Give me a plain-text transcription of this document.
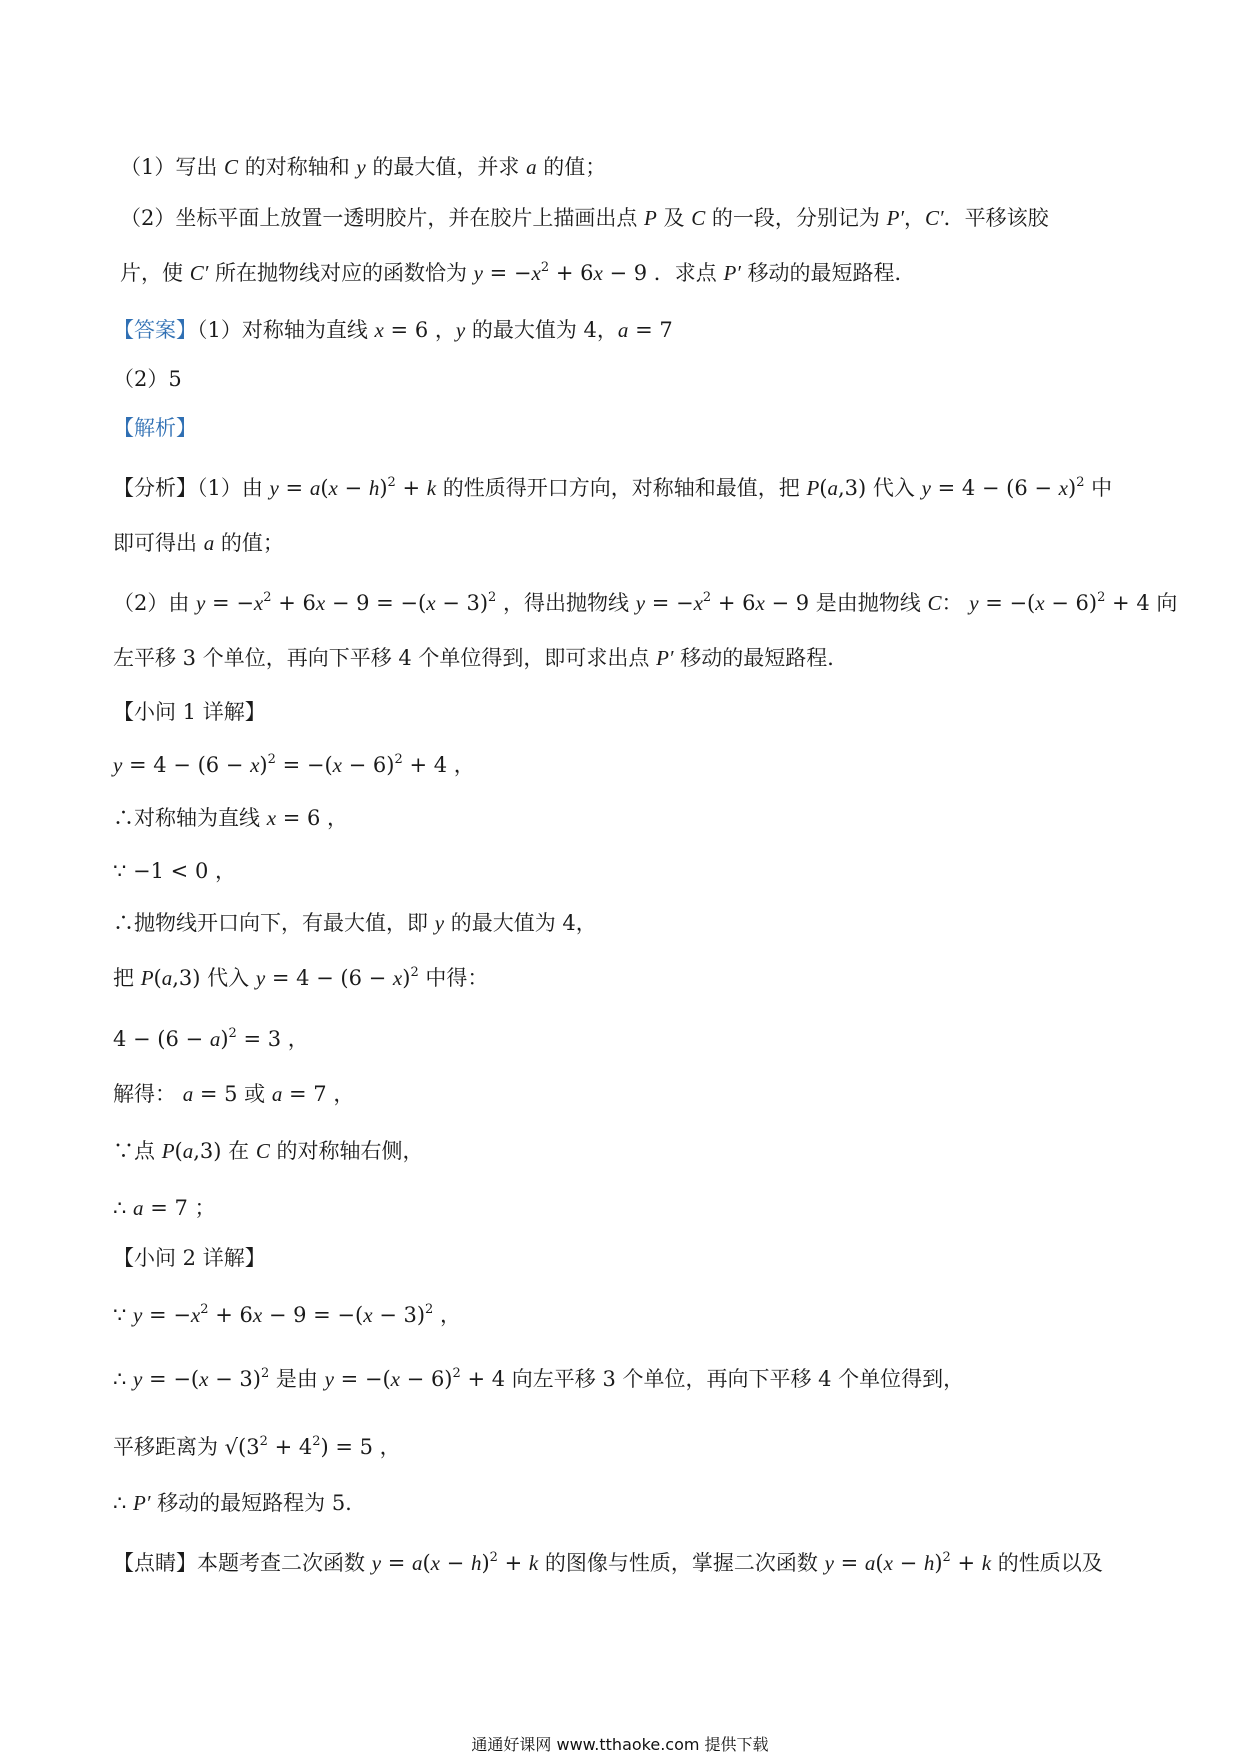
（1）写出 C 的对称轴和 y 的最大值，并求 a 的值；
（2）坐标平面上放置一透明胶片，并在胶片上描画出点 P 及 C 的一段，分别记为 P′，C′．平移该胶
片，使 C′ 所在抛物线对应的函数恰为 $y = -x^2 + 6x - 9$ ．求点 P′ 移动的最短路程．
【答案】（1）对称轴为直线 x = 6 ，y 的最大值为 4，a = 7
（2）5
【解析】
【分析】（1）由 $y = a(x - h)^2 + k$ 的性质得开口方向，对称轴和最值，把 P(a,3) 代入 $y = 4 - (6 - x)^2$ 中
即可得出 a 的值；
（2）由 $y = -x^2 + 6x - 9 = -(x - 3)^2$ ，得出抛物线 $y = -x^2 + 6x - 9$ 是由抛物线 C： $y = -(x - 6)^2 + 4$ 向
左平移 3 个单位，再向下平移 4 个单位得到，即可求出点 P′ 移动的最短路程．
【小问 1 详解】
$y = 4 - (6 - x)^2 = -(x - 6)^2 + 4$ ，
∴对称轴为直线 x = 6 ，
∵ −1 < 0 ，
∴抛物线开口向下，有最大值，即 y 的最大值为 4，
把 P(a,3) 代入 $y = 4 - (6 - x)^2$ 中得：
$4 - (6 - a)^2 = 3$ ，
解得： a = 5 或 a = 7 ，
∵点 P(a,3) 在 C 的对称轴右侧，
∴ a = 7 ；
【小问 2 详解】
∵ $y = -x^2 + 6x - 9 = -(x - 3)^2$ ，
∴ $y = -(x - 3)^2$ 是由 $y = -(x - 6)^2 + 4$ 向左平移 3 个单位，再向下平移 4 个单位得到，
平移距离为 $√(3^2 + 4^2) = 5$ ，
∴ P′ 移动的最短路程为 5.
【点睛】本题考查二次函数 $y = a(x - h)^2 + k$ 的图像与性质，掌握二次函数 $y = a(x - h)^2 + k$ 的性质以及
通通好课网 www.tthaoke.com 提供下载
